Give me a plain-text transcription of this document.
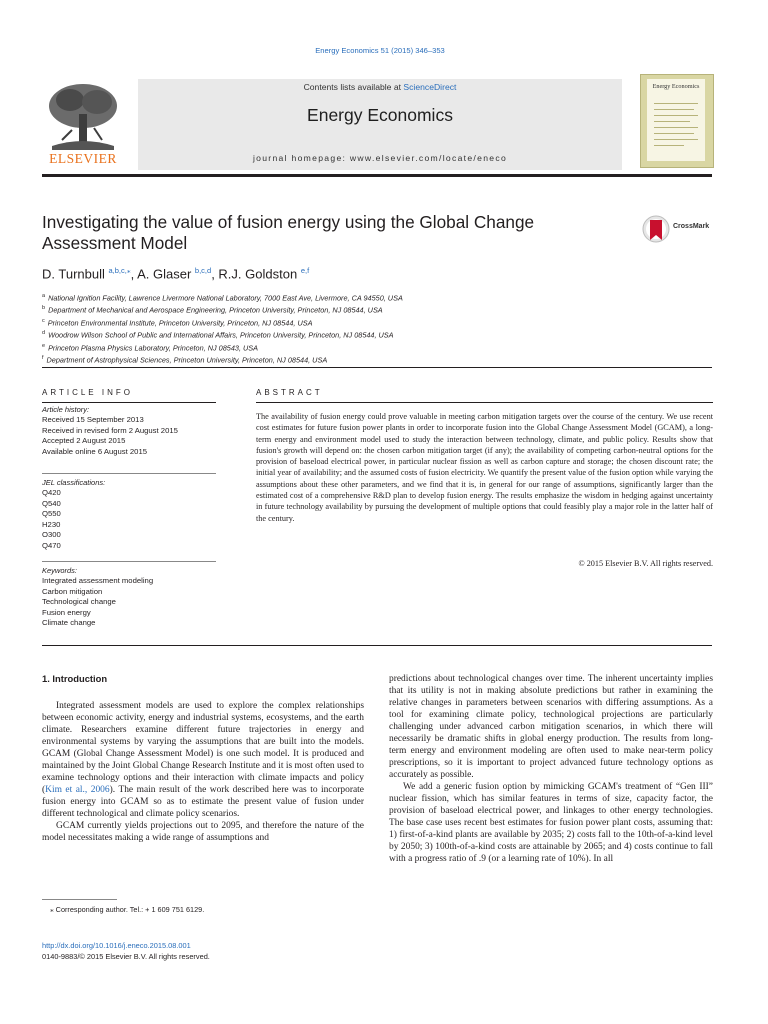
Energy Economics 51 (2015) 346–353
ELSEVIER
Contents lists available at ScienceDirect
Energy Economics
journal homepage: www.elsevier.com/locate/eneco
Energy Economics
Investigating the value of fusion energy using the Global Change Assessment Model
CrossMark
D. Turnbull $^{a,b,c,⁎}$, A. Glaser $^{b,c,d}$, R.J. Goldston $^{e,f}$
$^a$ National Ignition Facility, Lawrence Livermore National Laboratory, 7000 East Ave, Livermore, CA 94550, USA
$^b$ Department of Mechanical and Aerospace Engineering, Princeton University, Princeton, NJ 08544, USA
$^c$ Princeton Environmental Institute, Princeton University, Princeton, NJ 08544, USA
$^d$ Woodrow Wilson School of Public and International Affairs, Princeton University, Princeton, NJ 08544, USA
$^e$ Princeton Plasma Physics Laboratory, Princeton, NJ 08543, USA
$^f$ Department of Astrophysical Sciences, Princeton University, Princeton, NJ 08544, USA
ARTICLE INFO
Article history:
Received 15 September 2013
Received in revised form 2 August 2015
Accepted 2 August 2015
Available online 6 August 2015
JEL classifications:
Q420
Q540
Q550
H230
O300
Q470
Keywords:
Integrated assessment modeling
Carbon mitigation
Technological change
Fusion energy
Climate change
ABSTRACT
The availability of fusion energy could prove valuable in meeting carbon mitigation targets over the course of the century. We use recent cost estimates for future fusion power plants in order to incorporate fusion into the Global Change Assessment Model (GCAM), a long-term energy and environment model used to study the interaction between technology, climate, and public policy. Results show that fusion's growth will depend on: the chosen carbon mitigation target (if any); the availability of competing carbon-neutral options for the provision of baseload electrical power, in particular nuclear fission as well as carbon capture and storage; the chosen discount rate; the initial year of availability; and the assumed costs of fusion electricity. We quantify the present value of the fusion option while varying the assumptions about these other parameters, and we find that it is, in general for our range of assumptions, significantly larger than the estimated cost of a comprehensive R&D plan to develop fusion energy. The results emphasize the wisdom in hedging against uncertainty in future technology availability by pursuing the development of multiple options that could feasibly play a major role in the latter half of the century.
© 2015 Elsevier B.V. All rights reserved.
1. Introduction

Integrated assessment models are used to explore the complex relationships between economic activity, energy and industrial systems, ecosystems, and the earth climate. Researchers examine different future trajectories in energy and environmental systems by varying the assumptions that are built into the models. GCAM (Global Change Assessment Model) is one such model. It is produced and maintained by the Joint Global Change Research Institute and it is most often used to examine technology options and their interaction with climate impacts and policy (Kim et al., 2006). The main result of the work described here was to incorporate fusion energy into GCAM so as to estimate the present value of fusion under different technological and climate policy scenarios.

GCAM currently yields projections out to 2095, and therefore the nature of the model necessitates making a wide range of assumptions and

predictions about technological changes over time. The inherent uncertainty implies that its utility is not in making absolute predictions but rather in examining the relative changes in parameters between scenarios with differing assumptions. As a tool for examining climate policy, technological projections are particularly challenging under advanced carbon mitigation scenarios, in which there will necessarily be dramatic shifts in global energy production. The results from long-term energy and environment modeling are often used to make near-term policy prescriptions, so it is important to project advanced future technology options as accurately as possible.

We add a generic fusion option by mimicking GCAM's treatment of “Gen III” nuclear fission, which has similar features in terms of size, capacity factor, the provision of baseload electrical power, and linkages to other energy technologies. The base case uses recent best estimates for fusion power plant costs, assuming that: 1) first-of-a-kind plants are available by 2035; 2) costs fall to the 10th-of-a-kind level by 2050; 3) 100th-of-a-kind costs are attainable by 2065; and 4) costs continue to fall with a progress ratio of .9 (or a learning rate of 10%). In all

⁎ Corresponding author. Tel.: + 1 609 751 6129.
http://dx.doi.org/10.1016/j.eneco.2015.08.001
0140-9883/© 2015 Elsevier B.V. All rights reserved.
